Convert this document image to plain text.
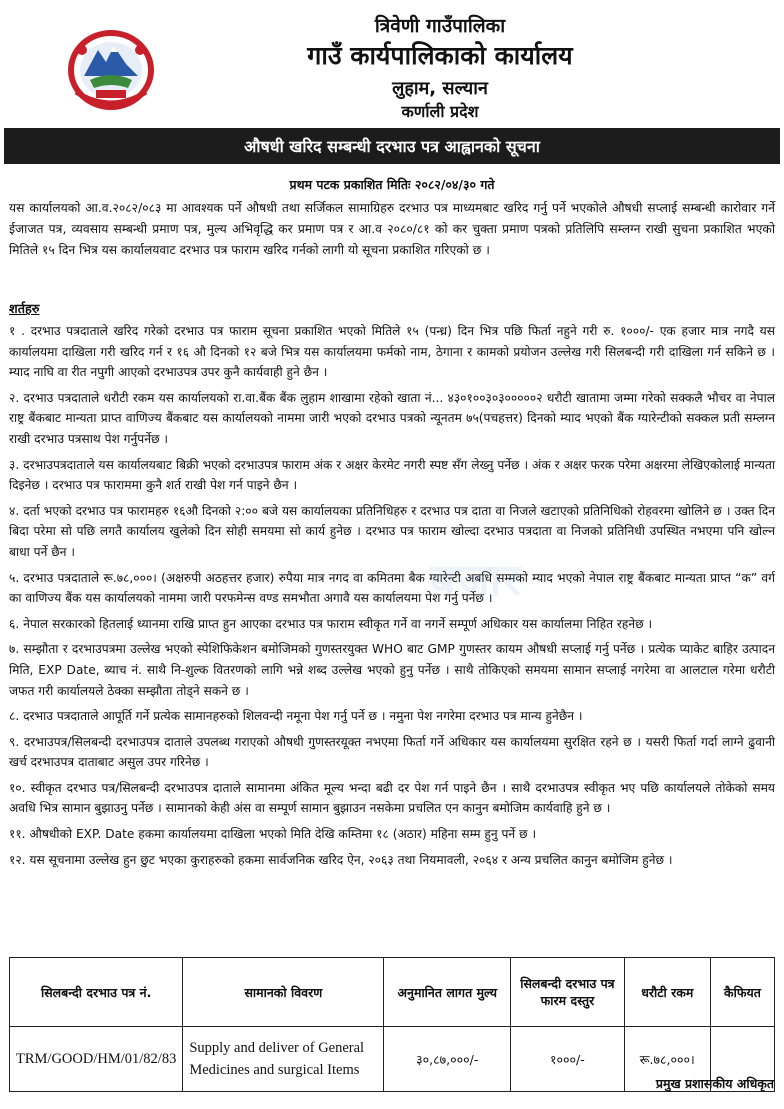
त्रिवेणी गाउँपालिका
गाउँ कार्यपालिकाको कार्यालय
लुहाम, सल्यान
कर्णाली प्रदेश
औषधी खरिद सम्बन्धी दरभाउ पत्र आह्वानको सूचना
प्रथम पटक प्रकाशित मितिः २०८२/०४/३० गते
यस कार्यालयको आ.व.२०८२/०८३ मा आवश्यक पर्ने औषधी तथा सर्जिकल सामाग्रिहरु दरभाउ पत्र माध्यमबाट खरिद गर्नु पर्ने भएकोले औषधी सप्लाई सम्बन्धी कारोवार गर्ने ईजाजत पत्र, व्यवसाय सम्बन्धी प्रमाण पत्र, मुल्य अभिवृद्धि कर प्रमाण पत्र र आ.व २०८०/८१ को कर चुक्ता प्रमाण पत्रको प्रतिलिपि सम्लग्न राखी सुचना प्रकाशित भएको मितिले १५ दिन भित्र यस कार्यालयवाट दरभाउ पत्र फाराम खरिद गर्नको लागी यो सूचना प्रकाशित गरिएको छ ।
शर्तहरु

१ . दरभाउ पत्रदाताले खरिद गरेको दरभाउ पत्र फाराम सूचना प्रकाशित भएको मितिले १५ (पन्ध्र) दिन भित्र पछि फिर्ता नहुने गरी रु. १०००/- एक हजार मात्र नगदै यस कार्यालयमा दाखिला गरी खरिद गर्न र १६ औ दिनको १२ बजे भित्र यस कार्यालयमा फर्मको नाम, ठेगाना र कामको प्रयोजन उल्लेख गरी सिलबन्दी गरी दाखिला गर्न सकिने छ ।म्याद नाघि वा रीत नपुगी आएको दरभाउपत्र उपर कुनै कार्यवाही हुने छैन ।

२. दरभाउ पत्रदाताले धरौटी रकम यस कार्यालयको रा.वा.बैंक बैंक लुहाम शाखामा रहेको खाता नं... ४३०१००३०३०००००२ धरौटी खातामा जम्मा गरेको सक्कलै भौचर वा नेपाल राष्ट्र बैंकबाट मान्यता प्राप्त वाणिज्य बैंकबाट यस कार्यालयको नाममा जारी भएको दरभाउ पत्रको न्यूनतम ७५(पचहत्तर) दिनको म्याद भएको बैंक ग्यारेन्टीको सक्कल प्रती सम्लग्न राखी दरभाउ पत्रसाथ पेश गर्नुपर्नेछ ।

३. दरभाउपत्रदाताले यस कार्यालयबाट बिक्री भएको दरभाउपत्र फाराम अंक र अक्षर केरमेट नगरी स्पष्ट सँग लेख्नु पर्नेछ । अंक र अक्षर फरक परेमा अक्षरमा लेखिएकोलाई मान्यता दिइनेछ । दरभाउ पत्र फाराममा कुनै शर्त राखी पेश गर्न पाइने छैन ।

४. दर्ता भएको दरभाउ पत्र फारामहरु १६औ दिनको २:०० बजे यस कार्यालयका प्रतिनिधिहरु र दरभाउ पत्र दाता वा निजले खटाएको प्रतिनिधिको रोहवरमा खोलिने छ । उक्त दिन बिदा परेमा सो पछि लगतै कार्यालय खुलेको दिन सोही समयमा सो कार्य हुनेछ । दरभाउ पत्र फाराम खोल्दा दरभाउ पत्रदाता वा निजको प्रतिनिधी उपस्थित नभएमा पनि खोल्न बाधा पर्ने छैन ।

५. दरभाउ पत्रदाताले रू.७८,०००। (अक्षरुपी अठहत्तर हजार) रुपैया मात्र नगद वा कमितमा बैक ग्यारेन्टी अबधि सम्मको म्याद भएको नेपाल राष्ट्र बैंकबाट मान्यता प्राप्त “क” वर्ग का वाणिज्य बैंक यस कार्यालयको नाममा जारी परफमेन्स वण्ड समभौता अगावै यस कार्यालयमा पेश गर्नु पर्नेछ ।

६. नेपाल सरकारको हितलाई ध्यानमा राखि प्राप्त हुन आएका दरभाउ पत्र फाराम स्वीकृत गर्ने वा नगर्ने सम्पूर्ण अधिकार यस कार्यालमा निहित रहनेछ ।

७. सम्झौता र दरभाउपत्रमा उल्लेख भएको स्पेशिफिकेशन बमोजिमको गुणस्तरयुक्त WHO बाट GMP गुणस्तर कायम औषधी सप्लाई गर्नु पर्नेछ । प्रत्येक प्याकेट बाहिर उत्पादन मिति, EXP Date, ब्याच नं. साथै नि-शुल्क वितरणको लागि भन्ने शब्द उल्लेख भएको हुनु पर्नेछ । साथै तोकिएको समयमा सामान सप्लाई नगरेमा वा आलटाल गरेमा धरौटी जफत गरी कार्यालयले ठेक्का सम्झौता तोड्ने सकने छ ।

८. दरभाउ पत्रदाताले आपूर्ति गर्ने प्रत्येक सामानहरुको शिलवन्दी नमूना पेश गर्नु पर्ने छ । नमुना पेश नगरेमा दरभाउ पत्र मान्य हुनेछैन ।

९. दरभाउपत्र/सिलबन्दी दरभाउपत्र दाताले उपलब्ध गराएको औषधी गुणस्तरयूक्त नभएमा फिर्ता गर्ने अधिकार यस कार्यालयमा सुरक्षित रहने छ । यसरी फिर्ता गर्दा लाग्ने ढुवानी खर्च दरभाउपत्र दाताबाट असुल उपर गरिनेछ ।

१०. स्वीकृत दरभाउ पत्र/सिलबन्दी दरभाउपत्र दाताले सामानमा अंकित मूल्य भन्दा बढी दर पेश गर्न पाइने छैन । साथै दरभाउपत्र स्वीकृत भए पछि कार्यालयले तोकेको समय अवधि भित्र सामान बुझाउनु पर्नेछ । सामानको केही अंस वा सम्पूर्ण सामान बुझाउन नसकेमा प्रचलित एन कानुन बमोजिम कार्यवाहि हुने छ ।

११. औषधीको EXP. Date हकमा कार्यालयमा दाखिला भएको मिति देखि कम्तिमा १८ (अठार) महिना सम्म हुनु पर्ने छ ।

१२. यस सूचनामा उल्लेख हुन छुट भएका कुराहरुको हकमा सार्वजनिक खरिद ऐन, २०६३ तथा नियमावली, २०६४ र अन्य प्रचलित कानुन बमोजिम हुनेछ ।

बजार
सिलबन्दी दरभाउ पत्र नं.	सामानको विवरण	अनुमानित लागत मुल्य	सिलबन्दी दरभाउ पत्र फारम दस्तुर	धरौटी रकम	कैफियत
TRM/GOOD/HM/01/82/83	Supply and deliver of General Medicines and surgical Items	३०,८७,०००/-	१०००/-	रू.७८,०००।	
प्रमुख प्रशासकीय अधिकृत
